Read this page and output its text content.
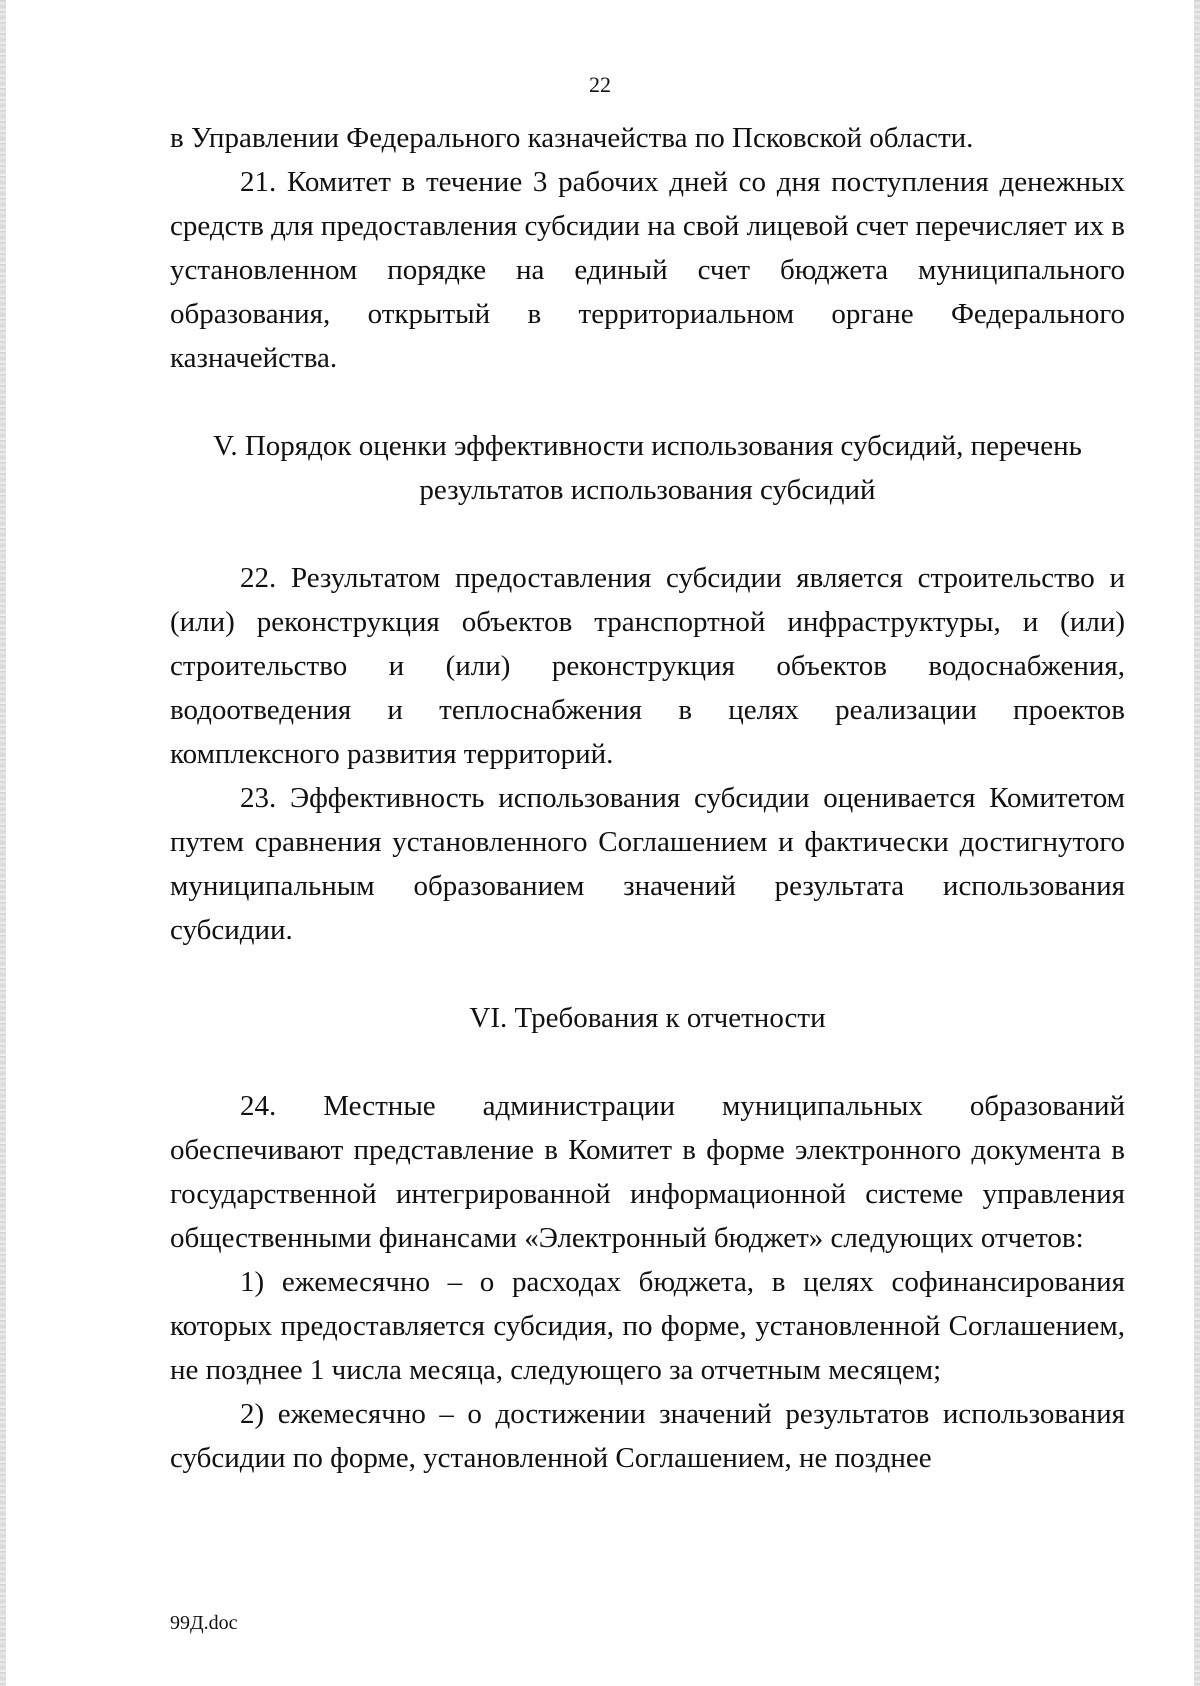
22

в Управлении Федерального казначейства по Псковской области.

21. Комитет в течение 3 рабочих дней со дня поступления денежных средств для предоставления субсидии на свой лицевой счет перечисляет их в установленном порядке на единый счет бюджета муниципального образования, открытый в территориальном органе Федерального казначейства.

V. Порядок оценки эффективности использования субсидий, перечень результатов использования субсидий

22. Результатом предоставления субсидии является строительство и (или) реконструкция объектов транспортной инфраструктуры, и (или) строительство и (или) реконструкция объектов водоснабжения, водоотведения и теплоснабжения в целях реализации проектов комплексного развития территорий.

23. Эффективность использования субсидии оценивается Комитетом путем сравнения установленного Соглашением и фактически достигнутого муниципальным образованием значений результата использования субсидии.

VI. Требования к отчетности

24. Местные администрации муниципальных образований обеспечивают представление в Комитет в форме электронного документа в государственной интегрированной информационной системе управления общественными финансами «Электронный бюджет» следующих отчетов:

1) ежемесячно – о расходах бюджета, в целях софинансирования которых предоставляется субсидия, по форме, установленной Соглашением, не позднее 1 числа месяца, следующего за отчетным месяцем;

2) ежемесячно – о достижении значений результатов использования субсидии по форме, установленной Соглашением, не позднее

99Д.doc
